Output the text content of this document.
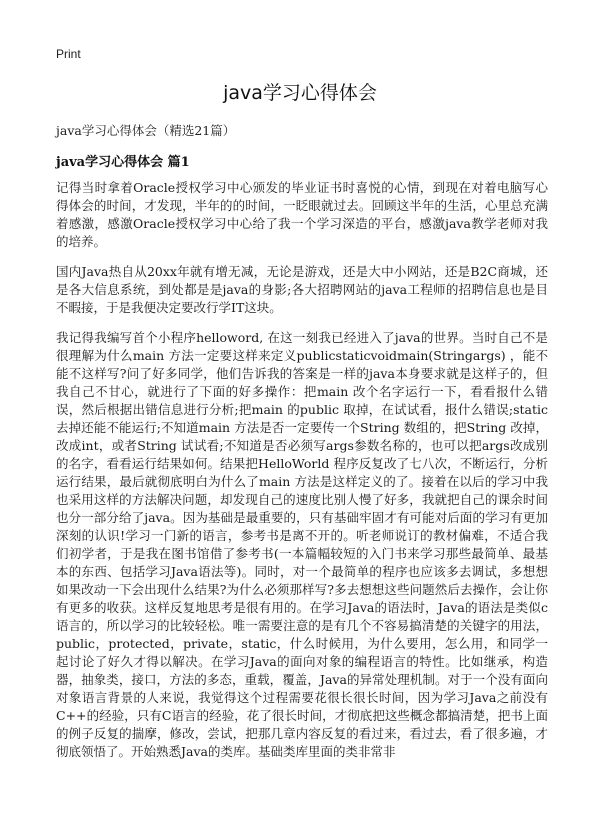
Print
java学习心得体会
java学习心得体会（精选21篇）
java学习心得体会 篇1

记得当时拿着Oracle授权学习中心颁发的毕业证书时喜悦的心情，到现在对着电脑写心得体会的时间，才发现，半年的的时间，一眨眼就过去。回顾这半年的生活，心里总充满着感激，感激Oracle授权学习中心给了我一个学习深造的平台，感激java教学老师对我的培养。

国内Java热自从20xx年就有增无减，无论是游戏，还是大中小网站，还是B2C商城，还是各大信息系统，到处都是是java的身影;各大招聘网站的java工程师的招聘信息也是目不暇接，于是我便决定要改行学IT这块。

我记得我编写首个小程序helloword, 在这一刻我已经进入了java的世界。当时自己不是很理解为什么main 方法一定要这样来定义publicstaticvoidmain(Stringargs) ，能不能不这样写?问了好多同学，他们告诉我的答案是一样的java本身要求就是这样子的，但我自己不甘心，就进行了下面的好多操作：把main 改个名字运行一下，看看报什么错误，然后根据出错信息进行分析;把main 的public 取掉，在试试看，报什么错误;static 去掉还能不能运行;不知道main 方法是否一定要传一个String 数组的，把String 改掉，改成int，或者String 试试看;不知道是否必须写args参数名称的，也可以把args改成别的名字，看看运行结果如何。结果把HelloWorld 程序反复改了七八次，不断运行，分析运行结果，最后就彻底明白为什么了main 方法是这样定义的了。接着在以后的学习中我也采用这样的方法解决问题，却发现自己的速度比别人慢了好多，我就把自己的课余时间也分一部分给了java。因为基础是最重要的，只有基础牢固才有可能对后面的学习有更加深刻的认识!学习一门新的语言，参考书是离不开的。听老师说订的教材偏难，不适合我们初学者，于是我在图书馆借了参考书(一本篇幅较短的入门书来学习那些最简单、最基本的东西、包括学习Java语法等)。同时，对一个最简单的程序也应该多去调试，多想想如果改动一下会出现什么结果?为什么必须那样写?多去想想这些问题然后去操作，会让你有更多的收获。这样反复地思考是很有用的。在学习Java的语法时，Java的语法是类似c语言的，所以学习的比较轻松。唯一需要注意的是有几个不容易搞清楚的关键字的用法，public，protected，private，static，什么时候用，为什么要用，怎么用，和同学一起讨论了好久才得以解决。在学习Java的面向对象的编程语言的特性。比如继承，构造器，抽象类，接口，方法的多态，重载，覆盖，Java的异常处理机制。对于一个没有面向对象语言背景的人来说，我觉得这个过程需要花很长很长时间，因为学习Java之前没有C++的经验，只有C语言的经验，花了很长时间，才彻底把这些概念都搞清楚，把书上面的例子反复的揣摩，修改，尝试，把那几章内容反复的看过来，看过去，看了很多遍，才彻底领悟了。开始熟悉Java的类库。基础类库里面的类非常非
